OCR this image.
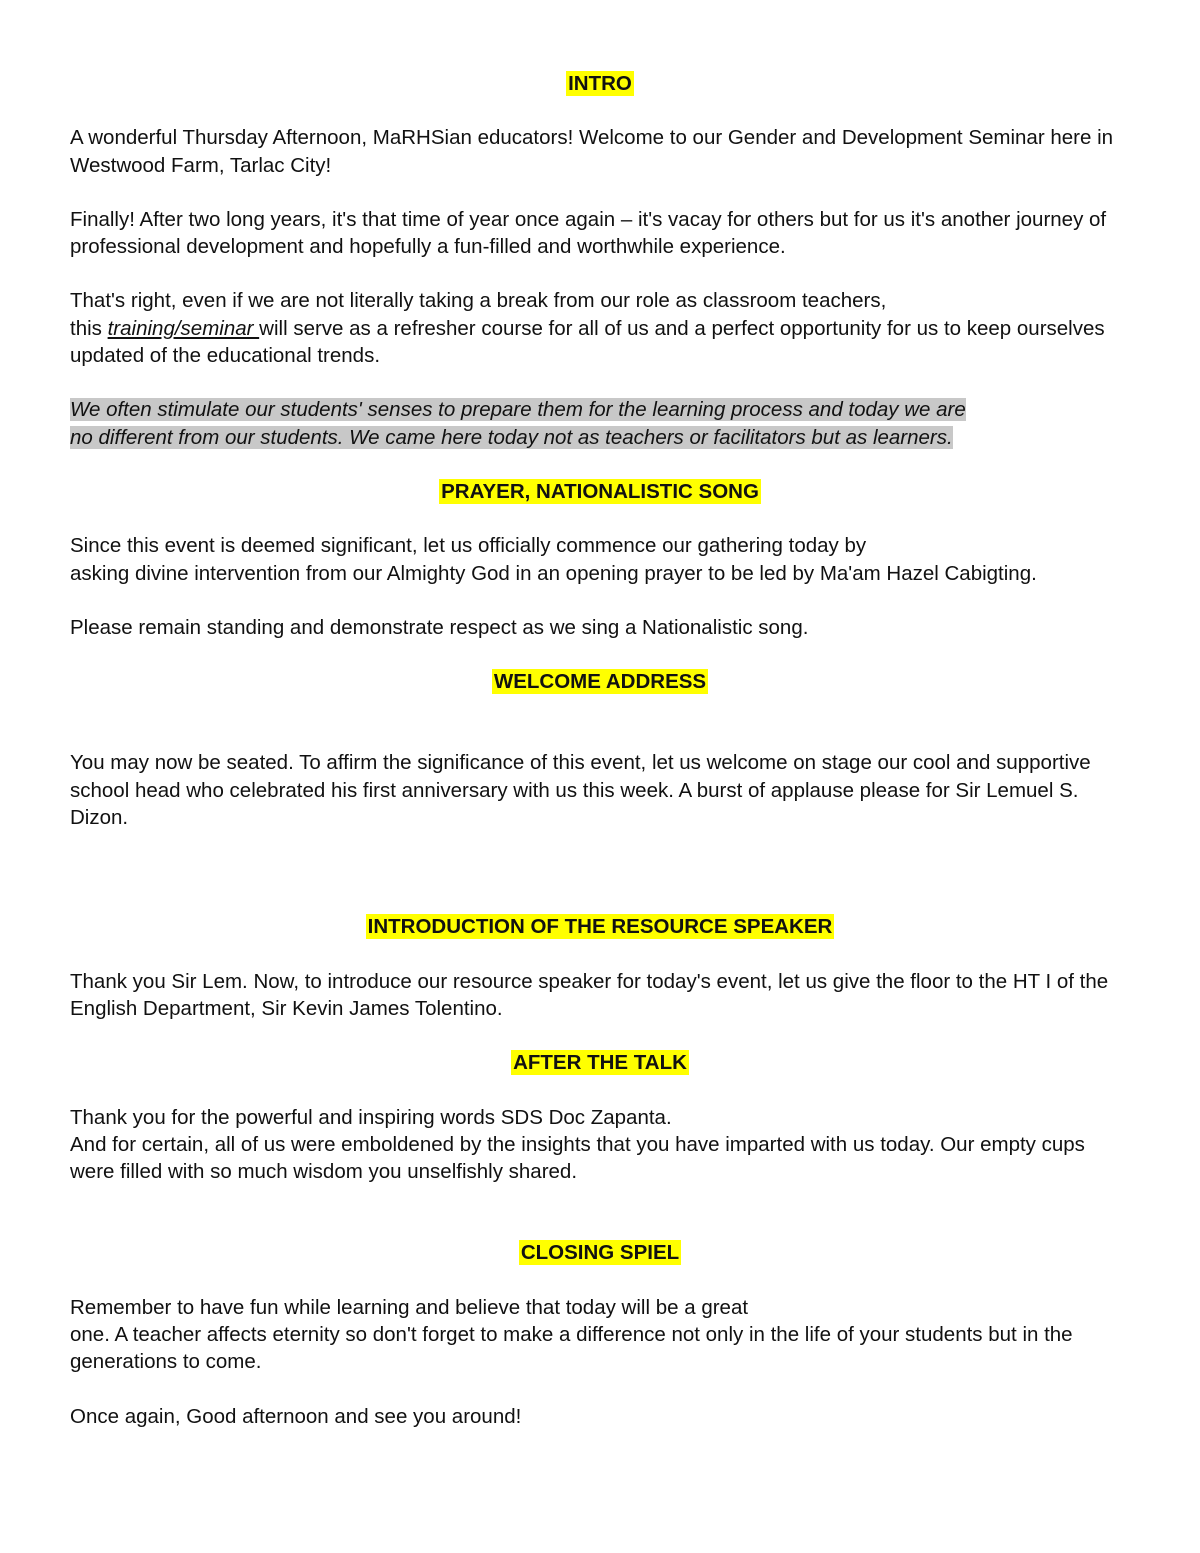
INTRO

A wonderful Thursday Afternoon, MaRHSian educators! Welcome to our Gender and Development Seminar here in Westwood Farm, Tarlac City!

Finally! After two long years, it's that time of year once again – it's vacay for others but for us it's another journey of professional development and hopefully a fun-filled and worthwhile experience.

That's right, even if we are not literally taking a break from our role as classroom teachers,
this training/seminar will serve as a refresher course for all of us and a perfect opportunity for us to keep ourselves updated of the educational trends.

We often stimulate our students' senses to prepare them for the learning process and today we are
no different from our students. We came here today not as teachers or facilitators but as learners.

PRAYER, NATIONALISTIC SONG

Since this event is deemed significant, let us officially commence our gathering today by
asking divine intervention from our Almighty God in an opening prayer to be led by Ma'am Hazel Cabigting.

Please remain standing and demonstrate respect as we sing a Nationalistic song.

WELCOME ADDRESS

You may now be seated. To affirm the significance of this event, let us welcome on stage our cool and supportive school head who celebrated his first anniversary with us this week. A burst of applause please for Sir Lemuel S. Dizon.

INTRODUCTION OF THE RESOURCE SPEAKER

Thank you Sir Lem. Now, to introduce our resource speaker for today's event, let us give the floor to the HT I of the English Department, Sir Kevin James Tolentino.

AFTER THE TALK

Thank you for the powerful and inspiring words SDS Doc Zapanta.
And for certain, all of us were emboldened by the insights that you have imparted with us today. Our empty cups were filled with so much wisdom you unselfishly shared.

CLOSING SPIEL

Remember to have fun while learning and believe that today will be a great
one. A teacher affects eternity so don't forget to make a difference not only in the life of your students but in the generations to come.

Once again, Good afternoon and see you around!
